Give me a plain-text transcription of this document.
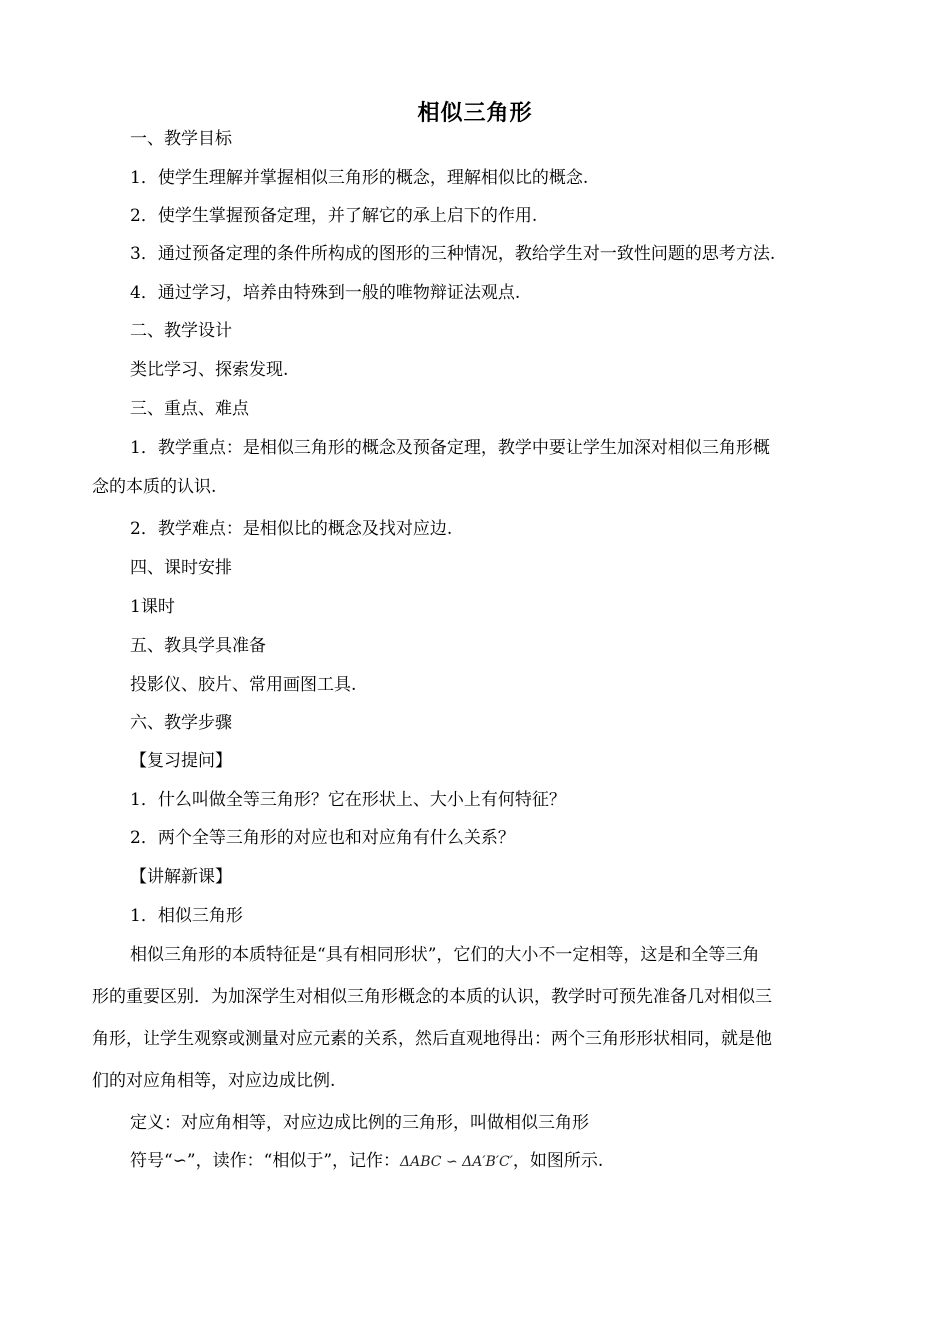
相似三角形
一、教学目标
1．使学生理解并掌握相似三角形的概念，理解相似比的概念.
2．使学生掌握预备定理，并了解它的承上启下的作用.
3．通过预备定理的条件所构成的图形的三种情况，教给学生对一致性问题的思考方法.
4．通过学习，培养由特殊到一般的唯物辩证法观点.
二、教学设计
类比学习、探索发现.
三、重点、难点
1．教学重点：是相似三角形的概念及预备定理，教学中要让学生加深对相似三角形概
念的本质的认识.
2．教学难点：是相似比的概念及找对应边.
四、课时安排
1课时
五、教具学具准备
投影仪、胶片、常用画图工具.
六、教学步骤
【复习提问】
1．什么叫做全等三角形？它在形状上、大小上有何特征？
2．两个全等三角形的对应也和对应角有什么关系？
【讲解新课】
1．相似三角形
相似三角形的本质特征是“具有相同形状”，它们的大小不一定相等，这是和全等三角
形的重要区别．为加深学生对相似三角形概念的本质的认识，教学时可预先准备几对相似三
角形，让学生观察或测量对应元素的关系，然后直观地得出：两个三角形形状相同，就是他
们的对应角相等，对应边成比例.
定义：对应角相等，对应边成比例的三角形，叫做相似三角形
符号“∽”，读作：“相似于”，记作：ΔABC ∽ ΔA′B′C′，如图所示.
